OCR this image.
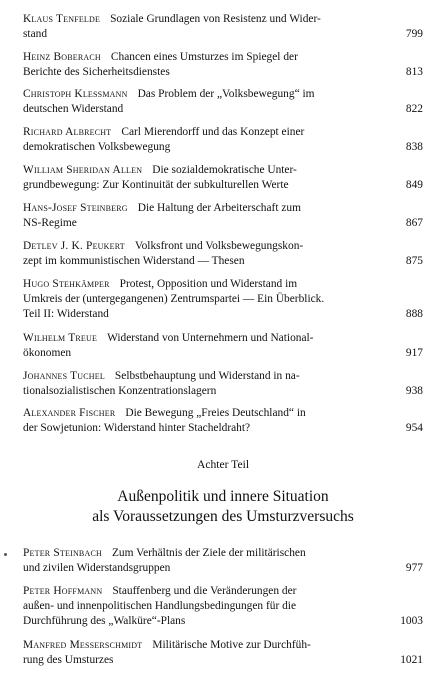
Klaus Tenfelde Soziale Grundlagen von Resistenz und Wider-
stand	799
Heinz Boberach Chancen eines Umsturzes im Spiegel der
Berichte des Sicherheitsdienstes	813
Christoph Klessmann Das Problem der „Volksbewegung“ im
deutschen Widerstand	822
Richard Albrecht Carl Mierendorff und das Konzept einer
demokratischen Volksbewegung	838
William Sheridan Allen Die sozialdemokratische Unter-
grundbewegung: Zur Kontinuität der subkulturellen Werte	849
Hans-Josef Steinberg Die Haltung der Arbeiterschaft zum
NS-Regime	867
Detlev J. K. Peukert Volksfront und Volksbewegungskon-
zept im kommunistischen Widerstand — Thesen	875
Hugo Stehkämper Protest, Opposition und Widerstand im
Umkreis der (untergegangenen) Zentrumspartei — Ein Überblick.
Teil II: Widerstand	888
Wilhelm Treue Widerstand von Unternehmern und National-
ökonomen	917
Johannes Tuchel Selbstbehauptung und Widerstand in na-
tionalsozialistischen Konzentrationslagern	938
Alexander Fischer Die Bewegung „Freies Deutschland“ in
der Sowjetunion: Widerstand hinter Stacheldraht?	954
Achter Teil
Außenpolitik und innere Situation
als Voraussetzungen des Umsturzversuchs
Peter Steinbach Zum Verhältnis der Ziele der militärischen
und zivilen Widerstandsgruppen	977
Peter Hoffmann Stauffenberg und die Veränderungen der
außen- und innenpolitischen Handlungsbedingungen für die
Durchführung des „Walküre“-Plans	1003
Manfred Messerschmidt Militärische Motive zur Durchfüh-
rung des Umsturzes	1021
